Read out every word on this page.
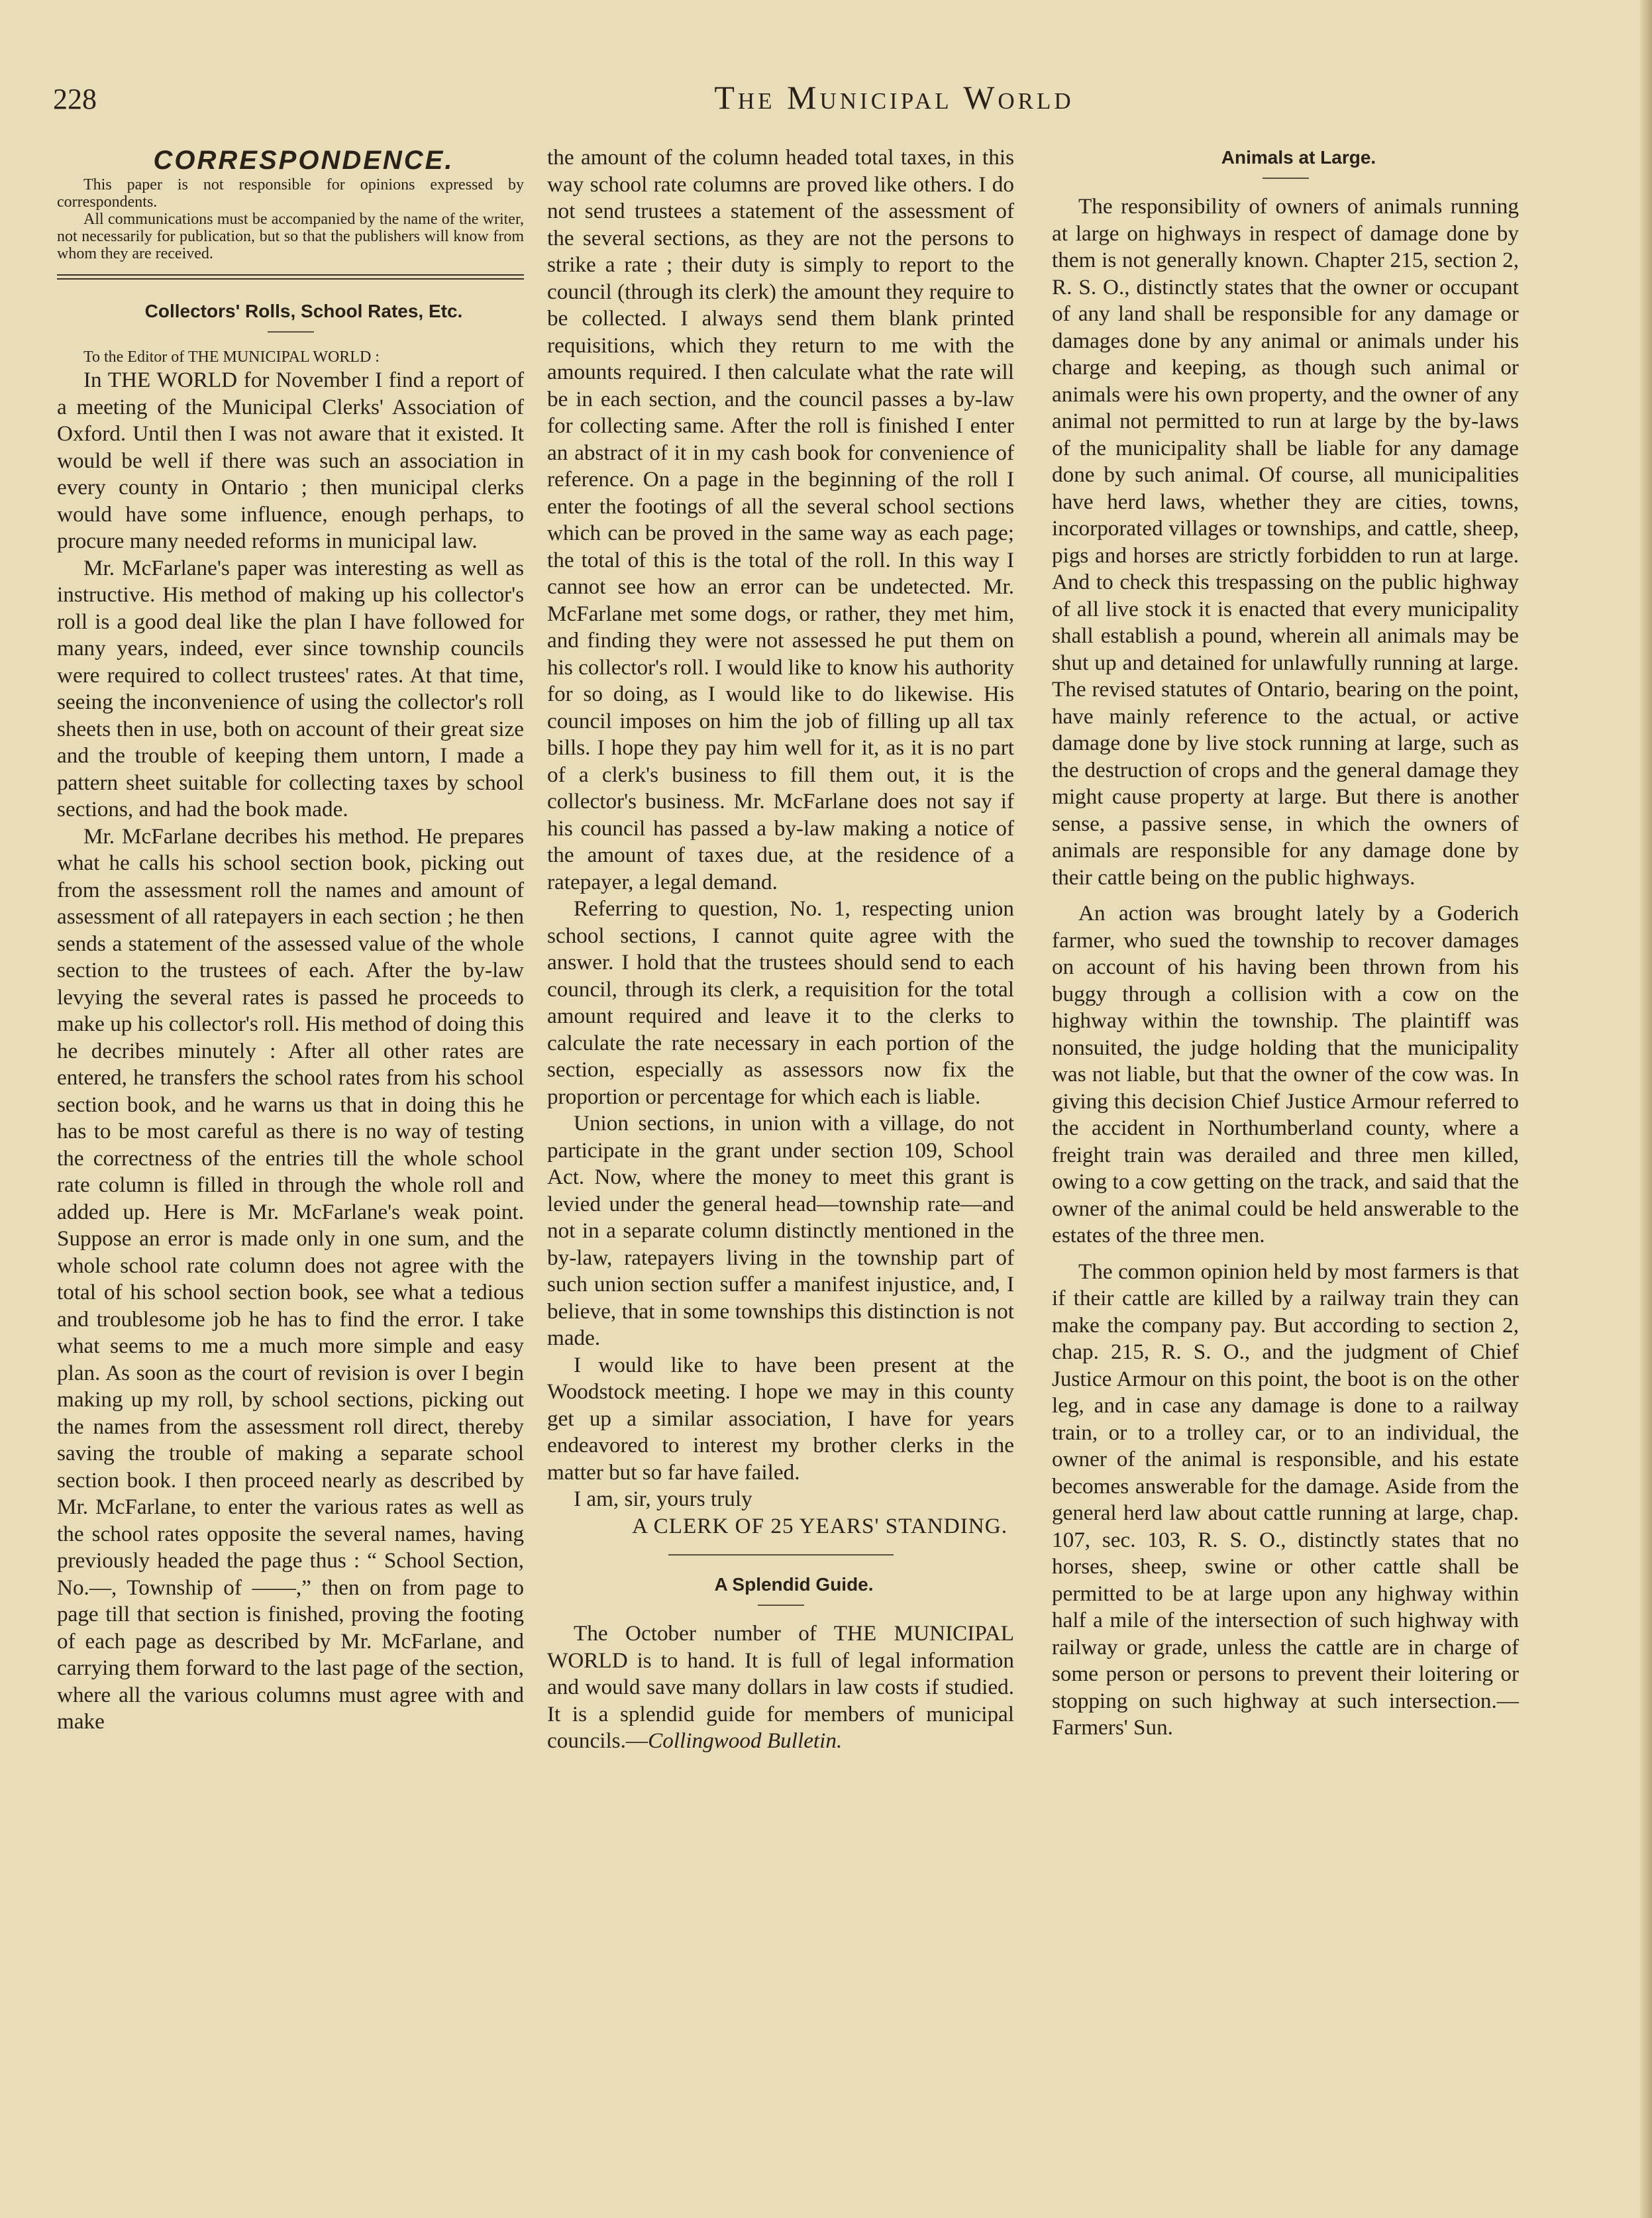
228	The Municipal World

CORRESPONDENCE.

This paper is not responsible for opinions expressed by correspondents.

All communications must be accompanied by the name of the writer, not necessarily for publication, but so that the publishers will know from whom they are received.

Collectors' Rolls, School Rates, Etc.

To the Editor of THE MUNICIPAL WORLD :

In THE WORLD for November I find a report of a meeting of the Municipal Clerks' Association of Oxford. Until then I was not aware that it existed. It would be well if there was such an association in every county in Ontario ; then municipal clerks would have some influence, enough perhaps, to procure many needed reforms in municipal law.

Mr. McFarlane's paper was interesting as well as instructive. His method of making up his collector's roll is a good deal like the plan I have followed for many years, indeed, ever since township councils were required to collect trustees' rates. At that time, seeing the inconvenience of using the collector's roll sheets then in use, both on account of their great size and the trouble of keeping them untorn, I made a pattern sheet suitable for collecting taxes by school sections, and had the book made.

Mr. McFarlane decribes his method. He prepares what he calls his school section book, picking out from the assessment roll the names and amount of assessment of all ratepayers in each section ; he then sends a statement of the assessed value of the whole section to the trustees of each. After the by-law levying the several rates is passed he proceeds to make up his collector's roll. His method of doing this he decribes minutely : After all other rates are entered, he transfers the school rates from his school section book, and he warns us that in doing this he has to be most careful as there is no way of testing the correctness of the entries till the whole school rate column is filled in through the whole roll and added up. Here is Mr. McFarlane's weak point. Suppose an error is made only in one sum, and the whole school rate column does not agree with the total of his school section book, see what a tedious and troublesome job he has to find the error. I take what seems to me a much more simple and easy plan. As soon as the court of revision is over I begin making up my roll, by school sections, picking out the names from the assessment roll direct, thereby saving the trouble of making a separate school section book. I then proceed nearly as described by Mr. McFarlane, to enter the various rates as well as the school rates opposite the several names, having previously headed the page thus : “ School Section, No.—, Township of ——,” then on from page to page till that section is finished, proving the footing of each page as described by Mr. McFarlane, and carrying them forward to the last page of the section, where all the various columns must agree with and make

the amount of the column headed total taxes, in this way school rate columns are proved like others. I do not send trustees a statement of the assessment of the several sections, as they are not the persons to strike a rate ; their duty is simply to report to the council (through its clerk) the amount they require to be collected. I always send them blank printed requisitions, which they return to me with the amounts required. I then calculate what the rate will be in each section, and the council passes a by-law for collecting same. After the roll is finished I enter an abstract of it in my cash book for convenience of reference. On a page in the beginning of the roll I enter the footings of all the several school sections which can be proved in the same way as each page; the total of this is the total of the roll. In this way I cannot see how an error can be undetected. Mr. McFarlane met some dogs, or rather, they met him, and finding they were not assessed he put them on his collector's roll. I would like to know his authority for so doing, as I would like to do likewise. His council imposes on him the job of filling up all tax bills. I hope they pay him well for it, as it is no part of a clerk's business to fill them out, it is the collector's business. Mr. McFarlane does not say if his council has passed a by-law making a notice of the amount of taxes due, at the residence of a ratepayer, a legal demand.

Referring to question, No. 1, respecting union school sections, I cannot quite agree with the answer. I hold that the trustees should send to each council, through its clerk, a requisition for the total amount required and leave it to the clerks to calculate the rate necessary in each portion of the section, especially as assessors now fix the proportion or percentage for which each is liable.

Union sections, in union with a village, do not participate in the grant under section 109, School Act. Now, where the money to meet this grant is levied under the general head—township rate—and not in a separate column distinctly mentioned in the by-law, ratepayers living in the township part of such union section suffer a manifest injustice, and, I believe, that in some townships this distinction is not made.

I would like to have been present at the Woodstock meeting. I hope we may in this county get up a similar association, I have for years endeavored to interest my brother clerks in the matter but so far have failed.

I am, sir, yours truly

A CLERK OF 25 YEARS' STANDING.

A Splendid Guide.

The October number of THE MUNICIPAL WORLD is to hand. It is full of legal information and would save many dollars in law costs if studied. It is a splendid guide for members of municipal councils.—Collingwood Bulletin.

Animals at Large.

The responsibility of owners of animals running at large on highways in respect of damage done by them is not generally known. Chapter 215, section 2, R. S. O., distinctly states that the owner or occupant of any land shall be responsible for any damage or damages done by any animal or animals under his charge and keeping, as though such animal or animals were his own property, and the owner of any animal not permitted to run at large by the by-laws of the municipality shall be liable for any damage done by such animal. Of course, all municipalities have herd laws, whether they are cities, towns, incorporated villages or townships, and cattle, sheep, pigs and horses are strictly forbidden to run at large. And to check this trespassing on the public highway of all live stock it is enacted that every municipality shall establish a pound, wherein all animals may be shut up and detained for unlawfully running at large. The revised statutes of Ontario, bearing on the point, have mainly reference to the actual, or active damage done by live stock running at large, such as the destruction of crops and the general damage they might cause property at large. But there is another sense, a passive sense, in which the owners of animals are responsible for any damage done by their cattle being on the public highways.

An action was brought lately by a Goderich farmer, who sued the township to recover damages on account of his having been thrown from his buggy through a collision with a cow on the highway within the township. The plaintiff was nonsuited, the judge holding that the municipality was not liable, but that the owner of the cow was. In giving this decision Chief Justice Armour referred to the accident in Northumberland county, where a freight train was derailed and three men killed, owing to a cow getting on the track, and said that the owner of the animal could be held answerable to the estates of the three men.

The common opinion held by most farmers is that if their cattle are killed by a railway train they can make the company pay. But according to section 2, chap. 215, R. S. O., and the judgment of Chief Justice Armour on this point, the boot is on the other leg, and in case any damage is done to a railway train, or to a trolley car, or to an individual, the owner of the animal is responsible, and his estate becomes answerable for the damage. Aside from the general herd law about cattle running at large, chap. 107, sec. 103, R. S. O., distinctly states that no horses, sheep, swine or other cattle shall be permitted to be at large upon any highway within half a mile of the intersection of such highway with railway or grade, unless the cattle are in charge of some person or persons to prevent their loitering or stopping on such highway at such intersection.—Farmers' Sun.
